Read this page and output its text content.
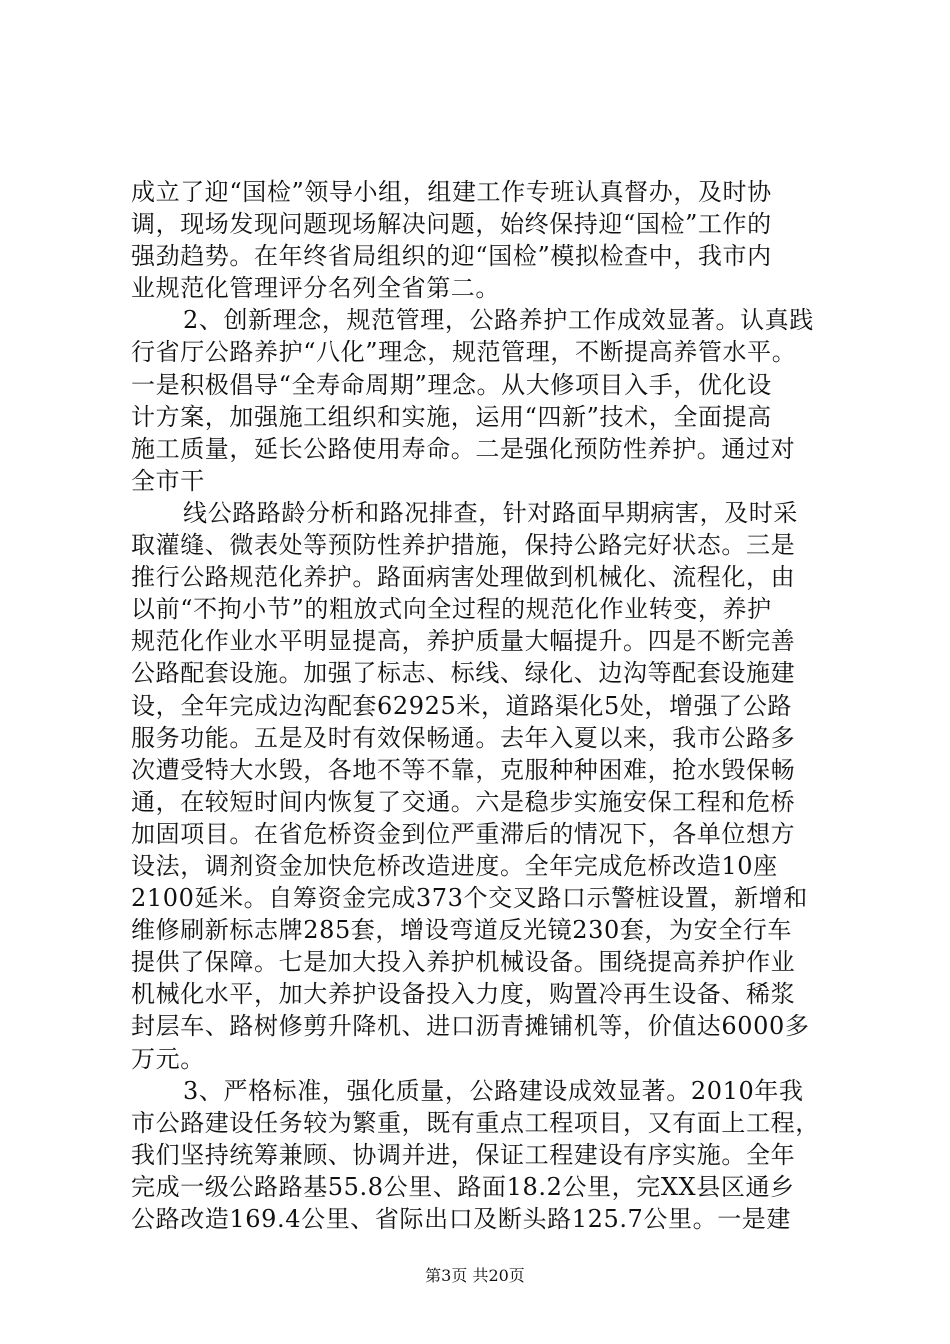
成立了迎“国检”领导小组，组建工作专班认真督办，及时协
调，现场发现问题现场解决问题，始终保持迎“国检”工作的
强劲趋势。在年终省局组织的迎“国检”模拟检查中，我市内
业规范化管理评分名列全省第二。
2、创新理念，规范管理，公路养护工作成效显著。认真践
行省厅公路养护“八化”理念，规范管理，不断提高养管水平。
一是积极倡导“全寿命周期”理念。从大修项目入手，优化设
计方案，加强施工组织和实施，运用“四新”技术，全面提高
施工质量，延长公路使用寿命。二是强化预防性养护。通过对
全市干
线公路路龄分析和路况排查，针对路面早期病害，及时采
取灌缝、微表处等预防性养护措施，保持公路完好状态。三是
推行公路规范化养护。路面病害处理做到机械化、流程化，由
以前“不拘小节”的粗放式向全过程的规范化作业转变，养护
规范化作业水平明显提高，养护质量大幅提升。四是不断完善
公路配套设施。加强了标志、标线、绿化、边沟等配套设施建
设，全年完成边沟配套62925米，道路渠化5处，增强了公路
服务功能。五是及时有效保畅通。去年入夏以来，我市公路多
次遭受特大水毁，各地不等不靠，克服种种困难，抢水毁保畅
通，在较短时间内恢复了交通。六是稳步实施安保工程和危桥
加固项目。在省危桥资金到位严重滞后的情况下，各单位想方
设法，调剂资金加快危桥改造进度。全年完成危桥改造10座
2100延米。自筹资金完成373个交叉路口示警桩设置，新增和
维修刷新标志牌285套，增设弯道反光镜230套，为安全行车
提供了保障。七是加大投入养护机械设备。围绕提高养护作业
机械化水平，加大养护设备投入力度，购置冷再生设备、稀浆
封层车、路树修剪升降机、进口沥青摊铺机等，价值达6000多
万元。
3、严格标准，强化质量，公路建设成效显著。2010年我
市公路建设任务较为繁重，既有重点工程项目，又有面上工程，
我们坚持统筹兼顾、协调并进，保证工程建设有序实施。全年
完成一级公路路基55.8公里、路面18.2公里，完XX县区通乡
公路改造169.4公里、省际出口及断头路125.7公里。一是建
第3页 共20页
